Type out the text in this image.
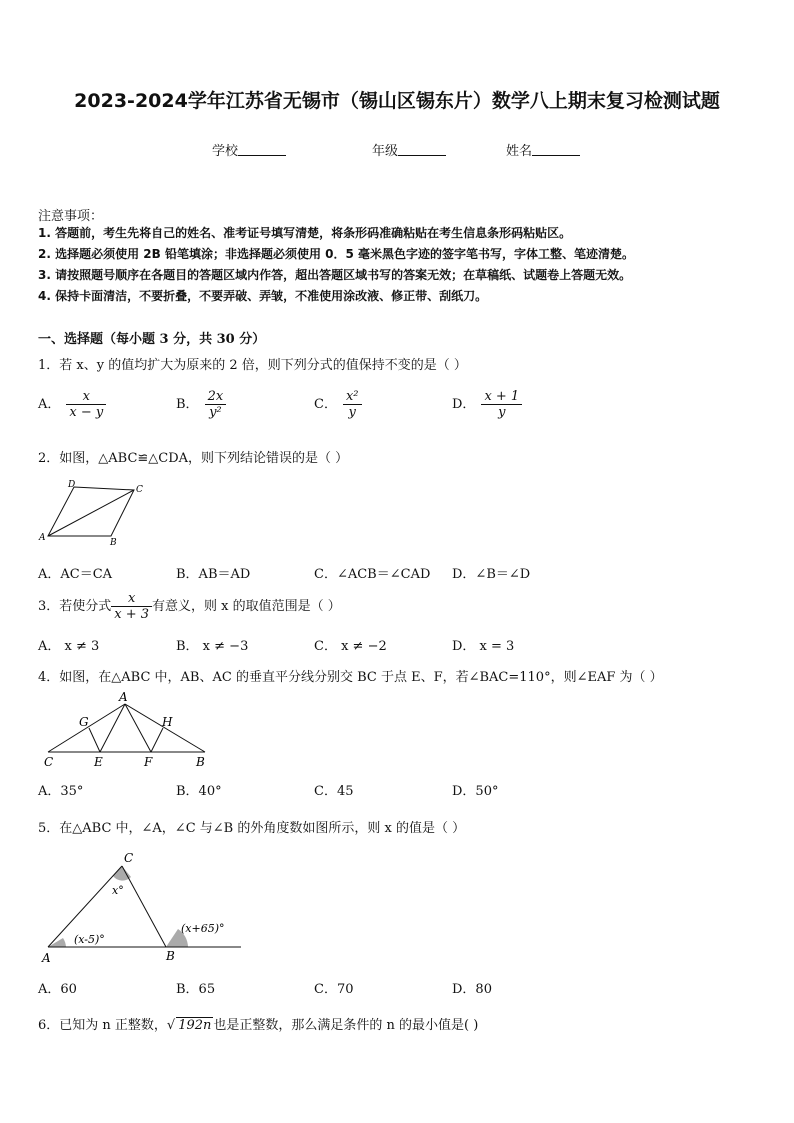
2023-2024学年江苏省无锡市（锡山区锡东片）数学八上期末复习检测试题
学校	年级	姓名
注意事项：
1. 答题前，考生先将自己的姓名、准考证号填写清楚，将条形码准确粘贴在考生信息条形码粘贴区。
2. 选择题必须使用 2B 铅笔填涂；非选择题必须使用 0．5 毫米黑色字迹的签字笔书写，字体工整、笔迹清楚。
3. 请按照题号顺序在各题目的答题区域内作答，超出答题区域书写的答案无效；在草稿纸、试题卷上答题无效。
4. 保持卡面清洁，不要折叠，不要弄破、弄皱，不准使用涂改液、修正带、刮纸刀。
一、选择题（每小题 3 分，共 30 分）
1．若 x、y 的值均扩大为原来的 2 倍，则下列分式的值保持不变的是（ ）
A． $\frac{x}{x - y}$	B． $\frac{2x}{\text{y²}}$	C． $\frac{\text{x²}}{y}$	D． $\frac{x + 1}{y}$
2．如图，△ABC≌△CDA，则下列结论错误的是（ ）
D	C
A	B
A．AC＝CA	B．AB＝AD	C．∠ACB＝∠CAD D．∠B＝∠D
3．若使分式 $\frac{x}{x + 3}$ 有意义，则 x 的取值范围是（ ）
A． x ≠ 3	B． x ≠ −3	C． x ≠ −2	D． x = 3
4．如图，在△ABC 中，AB、AC 的垂直平分线分别交 BC 于点 E、F，若∠BAC=110°，则∠EAF 为（ ）
A
G	H
C	E	F	B
A．35°	B．40°	C．45	D．50°
5．在△ABC 中，∠A，∠C 与∠B 的外角度数如图所示，则 x 的值是（ ）
C
x°
(x+65)°
(x-5)°
A	B
A．60	B．65	C．70	D．80
6．已知为 n 正整数，√ 192n 也是正整数，那么满足条件的 n 的最小值是( )
